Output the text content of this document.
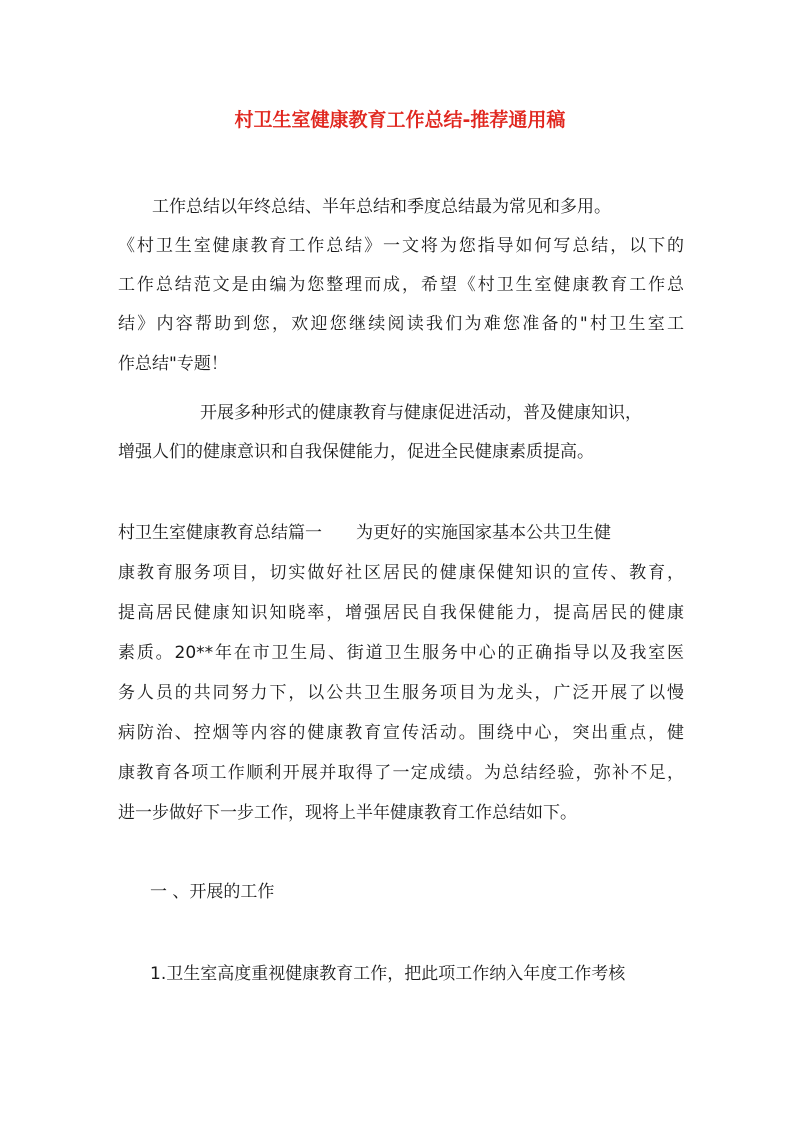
村卫生室健康教育工作总结-推荐通用稿
工作总结以年终总结、半年总结和季度总结最为常见和多用。
《村卫生室健康教育工作总结》一文将为您指导如何写总结，以下的
工作总结范文是由编为您整理而成，希望《村卫生室健康教育工作总
结》内容帮助到您，欢迎您继续阅读我们为难您准备的"村卫生室工
作总结"专题！
开展多种形式的健康教育与健康促进活动，普及健康知识，
增强人们的健康意识和自我保健能力，促进全民健康素质提高。
村卫生室健康教育总结篇一 为更好的实施国家基本公共卫生健
康教育服务项目，切实做好社区居民的健康保健知识的宣传、教育，
提高居民健康知识知晓率，增强居民自我保健能力，提高居民的健康
素质。20**年在市卫生局、街道卫生服务中心的正确指导以及我室医
务人员的共同努力下，以公共卫生服务项目为龙头，广泛开展了以慢
病防治、控烟等内容的健康教育宣传活动。围绕中心，突出重点，健
康教育各项工作顺利开展并取得了一定成绩。为总结经验，弥补不足，
进一步做好下一步工作，现将上半年健康教育工作总结如下。
一 、开展的工作
1.卫生室高度重视健康教育工作，把此项工作纳入年度工作考核
